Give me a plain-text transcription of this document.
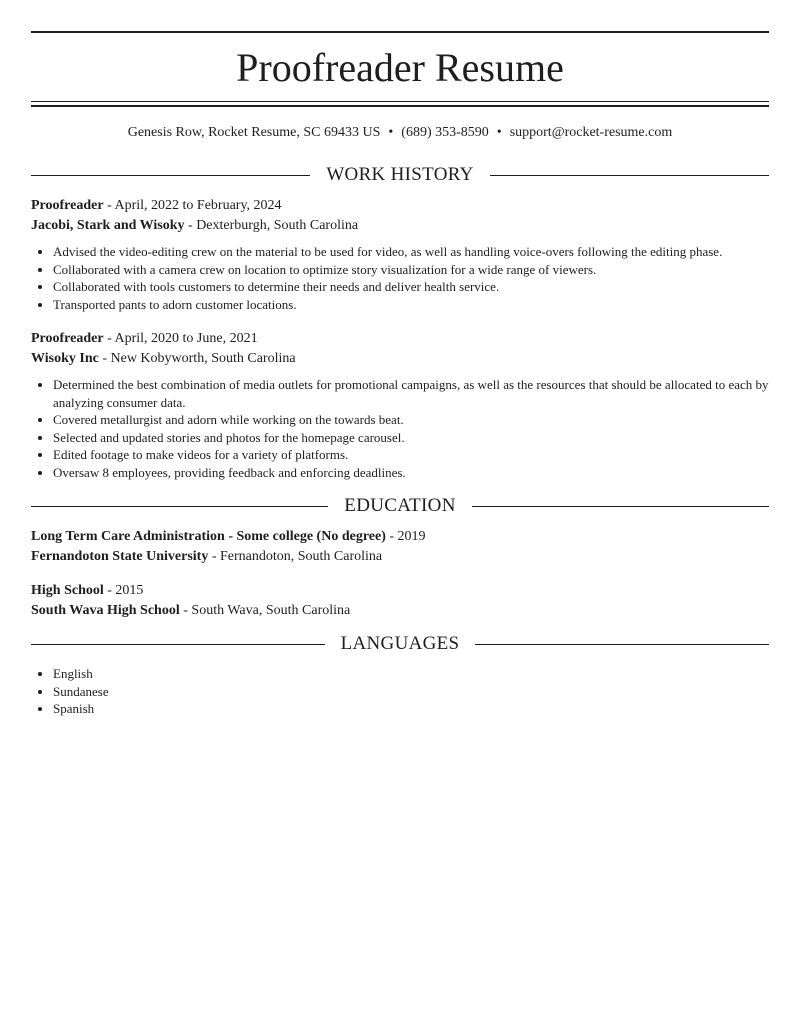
Proofreader Resume
Genesis Row, Rocket Resume, SC 69433 US • (689) 353-8590 • support@rocket-resume.com
WORK HISTORY
Proofreader - April, 2022 to February, 2024
Jacobi, Stark and Wisoky - Dexterburgh, South Carolina
• Advised the video-editing crew on the material to be used for video, as well as handling voice-overs following the editing phase.
• Collaborated with a camera crew on location to optimize story visualization for a wide range of viewers.
• Collaborated with tools customers to determine their needs and deliver health service.
• Transported pants to adorn customer locations.
Proofreader - April, 2020 to June, 2021
Wisoky Inc - New Kobyworth, South Carolina
• Determined the best combination of media outlets for promotional campaigns, as well as the resources that should be allocated to each by analyzing consumer data.
• Covered metallurgist and adorn while working on the towards beat.
• Selected and updated stories and photos for the homepage carousel.
• Edited footage to make videos for a variety of platforms.
• Oversaw 8 employees, providing feedback and enforcing deadlines.
EDUCATION
Long Term Care Administration - Some college (No degree) - 2019
Fernandoton State University - Fernandoton, South Carolina
High School - 2015
South Wava High School - South Wava, South Carolina
LANGUAGES
• English
• Sundanese
• Spanish
